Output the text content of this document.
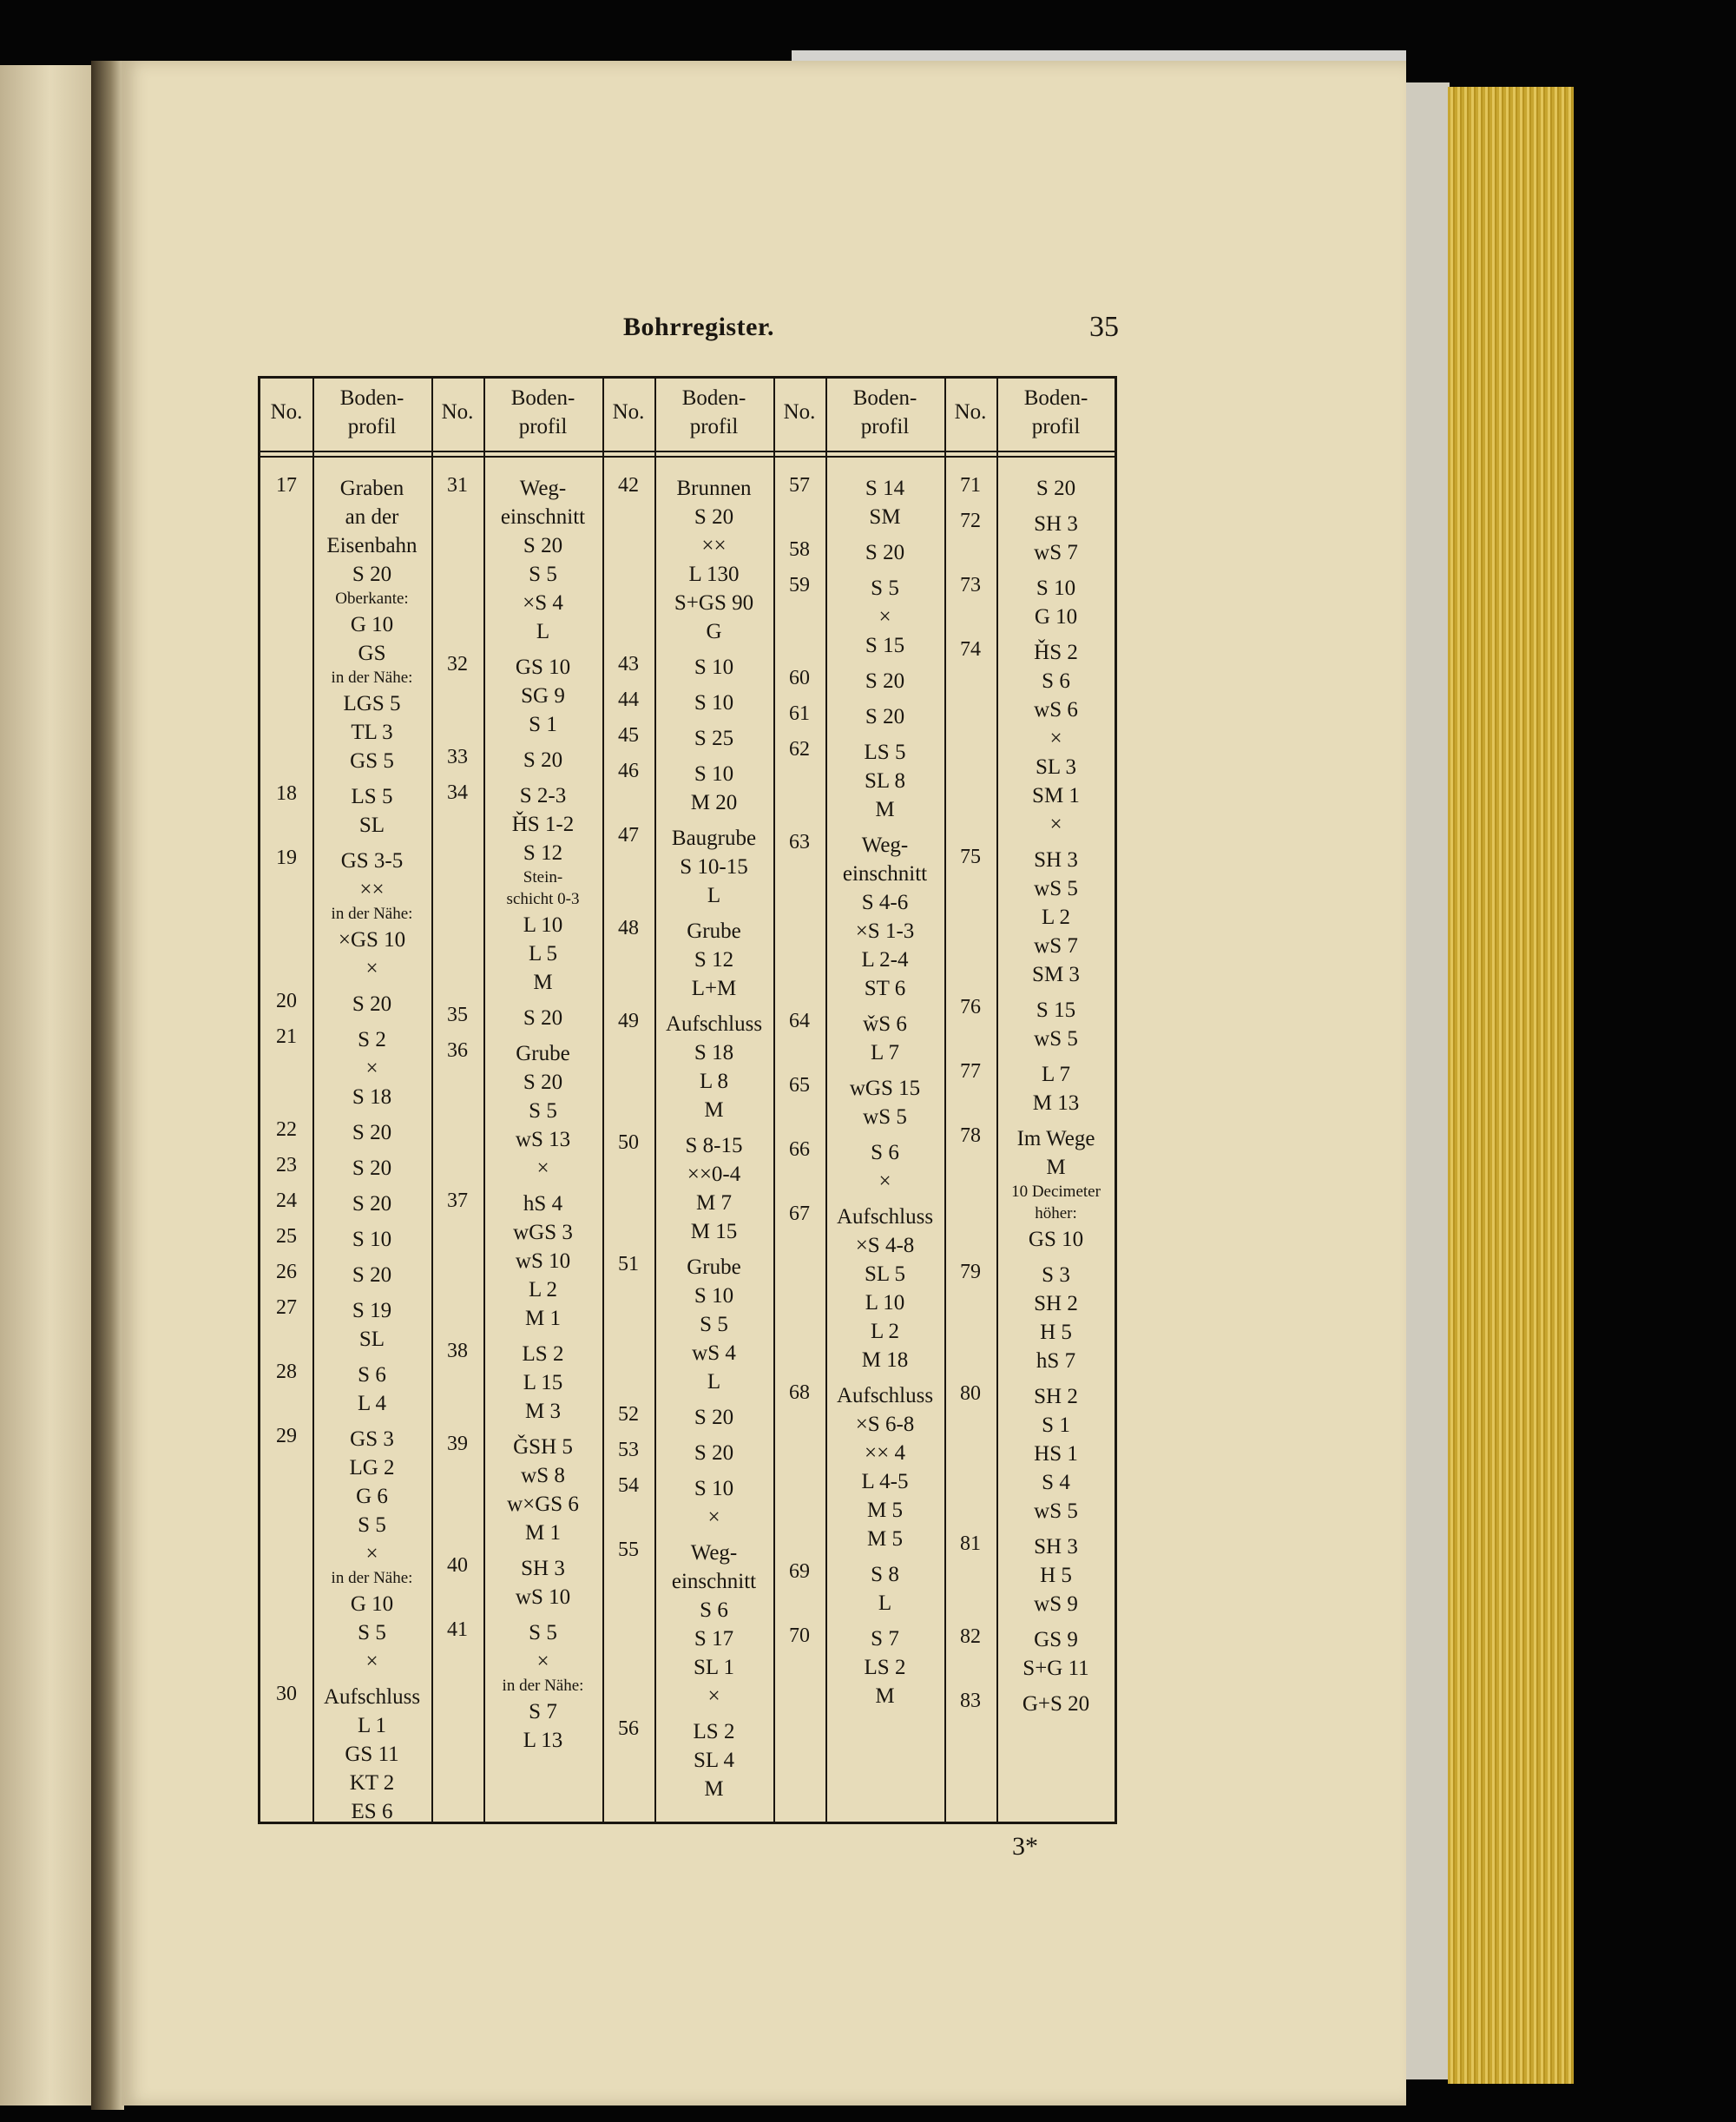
Bohrregister.	35
No.
Boden-
profil
17	Graben
an der
Eisenbahn
S 20
Oberkante:
G 10
GS
in der Nähe:
LGS 5
TL 3
GS 5
18	LS 5
SL
19	GS 3-5
××
in der Nähe:
×GS 10
×
20	S 20
21	S 2
×
S 18
22	S 20
23	S 20
24	S 20
25	S 10
26	S 20
27	S 19
SL
28	S 6
L 4
29	GS 3
LG 2
G 6
S 5
×
in der Nähe:
G 10
S 5
×
30	Aufschluss
L 1
GS 11
KT 2
ES 6
No.
Boden-
profil
31	Weg-
einschnitt
S 20
S 5
×S 4
L
32	GS 10
SG 9
S 1
33	S 20
34	S 2-3
ȞS 1-2
S 12
Stein-
schicht 0-3
L 10
L 5
M
35	S 20
36	Grube
S 20
S 5
wS 13
×
37	hS 4
wGS 3
wS 10
L 2
M 1
38	LS 2
L 15
M 3
39	ǦSH 5
wS 8
w×GS 6
M 1
40	SH 3
wS 10
41	S 5
×
in der Nähe:
S 7
L 13
No.
Boden-
profil
42	Brunnen
S 20
××
L 130
S+GS 90
G
43	S 10
44	S 10
45	S 25
46	S 10
M 20
47	Baugrube
S 10-15
L
48	Grube
S 12
L+M
49	Aufschluss
S 18
L 8
M
50	S 8-15
××0-4
M 7
M 15
51	Grube
S 10
S 5
wS 4
L
52	S 20
53	S 20
54	S 10
×
55	Weg-
einschnitt
S 6
S 17
SL 1
×
56	LS 2
SL 4
M
No.
Boden-
profil
57	S 14
SM
58	S 20
59	S 5
×
S 15
60	S 20
61	S 20
62	LS 5
SL 8
M
63	Weg-
einschnitt
S 4-6
×S 1-3
L 2-4
ST 6
64	w̌S 6
L 7
65	wGS 15
wS 5
66	S 6
×
67	Aufschluss
×S 4-8
SL 5
L 10
L 2
M 18
68	Aufschluss
×S 6-8
×× 4
L 4-5
M 5
M 5
69	S 8
L
70	S 7
LS 2
M
No.
Boden-
profil
71	S 20
72	SH 3
wS 7
73	S 10
G 10
74	ȞS 2
S 6
wS 6
×
SL 3
SM 1
×
75	SH 3
wS 5
L 2
wS 7
SM 3
76	S 15
wS 5
77	L 7
M 13
78	Im Wege
M
10 Decimeter
höher:
GS 10
79	S 3
SH 2
H 5
hS 7
80	SH 2
S 1
HS 1
S 4
wS 5
81	SH 3
H 5
wS 9
82	GS 9
S+G 11
83	G+S 20
3*
